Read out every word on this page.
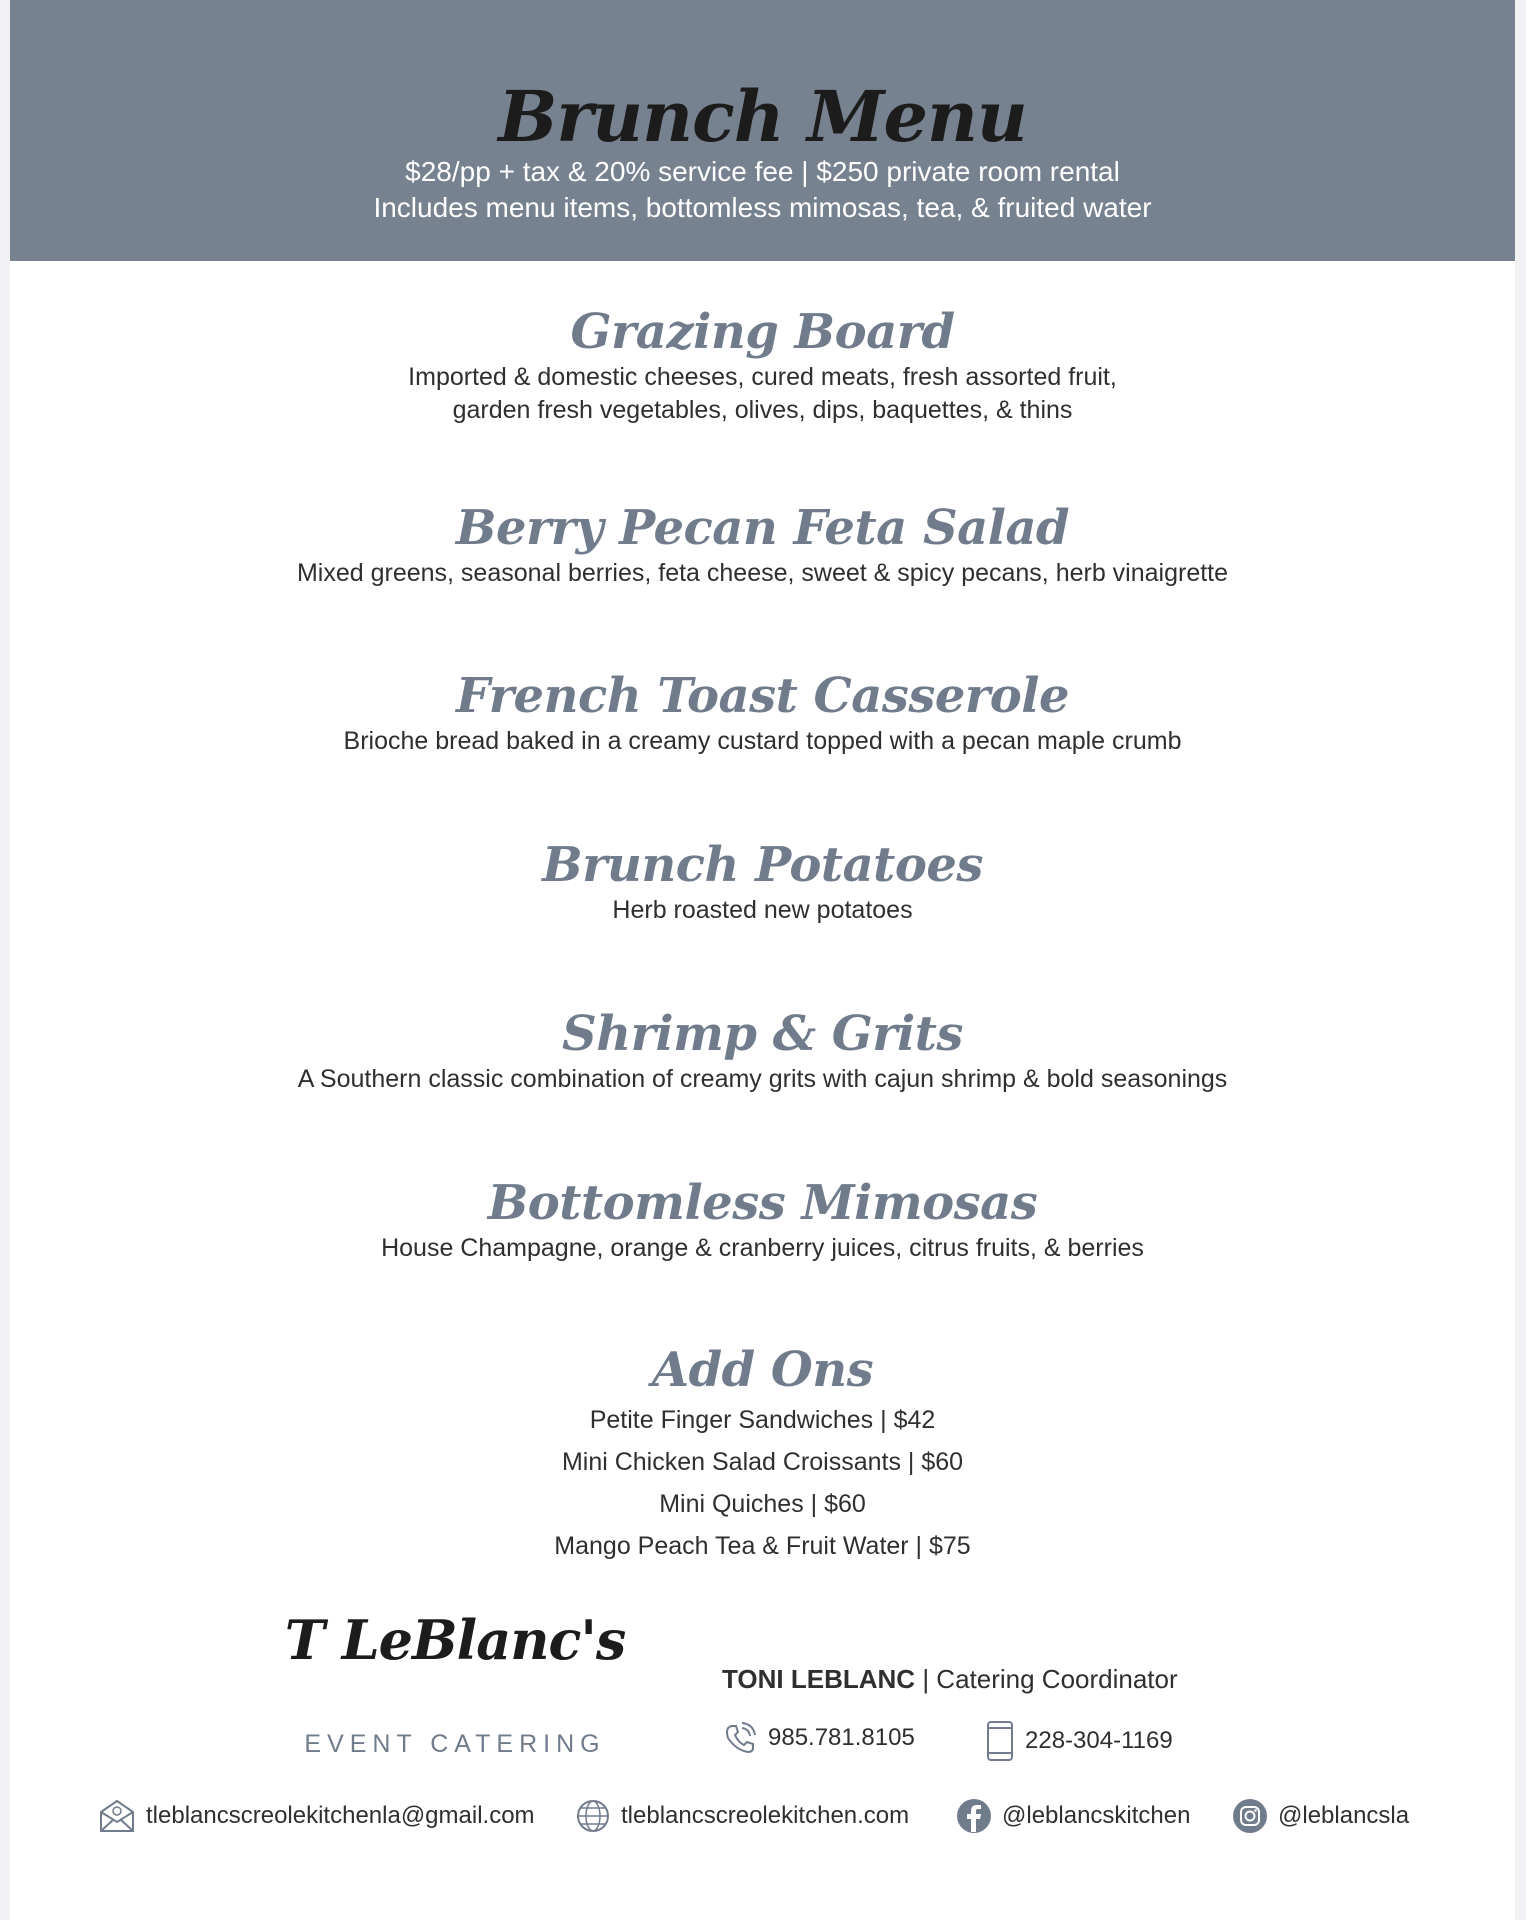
Brunch Menu
$28/pp + tax & 20% service fee | $250 private room rental
Includes menu items, bottomless mimosas, tea, & fruited water
Grazing Board
Imported & domestic cheeses, cured meats, fresh assorted fruit,
garden fresh vegetables, olives, dips, baquettes, & thins
Berry Pecan Feta Salad
Mixed greens, seasonal berries, feta cheese, sweet & spicy pecans, herb vinaigrette
French Toast Casserole
Brioche bread baked in a creamy custard topped with a pecan maple crumb
Brunch Potatoes
Herb roasted new potatoes
Shrimp & Grits
A Southern classic combination of creamy grits with cajun shrimp & bold seasonings
Bottomless Mimosas
House Champagne, orange & cranberry juices, citrus fruits, & berries
Add Ons
Petite Finger Sandwiches | $42
Mini Chicken Salad Croissants | $60
Mini Quiches | $60
Mango Peach Tea & Fruit Water | $75
T LeBlanc's
EVENT CATERING
TONI LEBLANC | Catering Coordinator
985.781.8105	228-304-1169
tleblancscreolekitchenla@gmail.com	tleblancscreolekitchen.com	@leblancskitchen	@leblancsla
